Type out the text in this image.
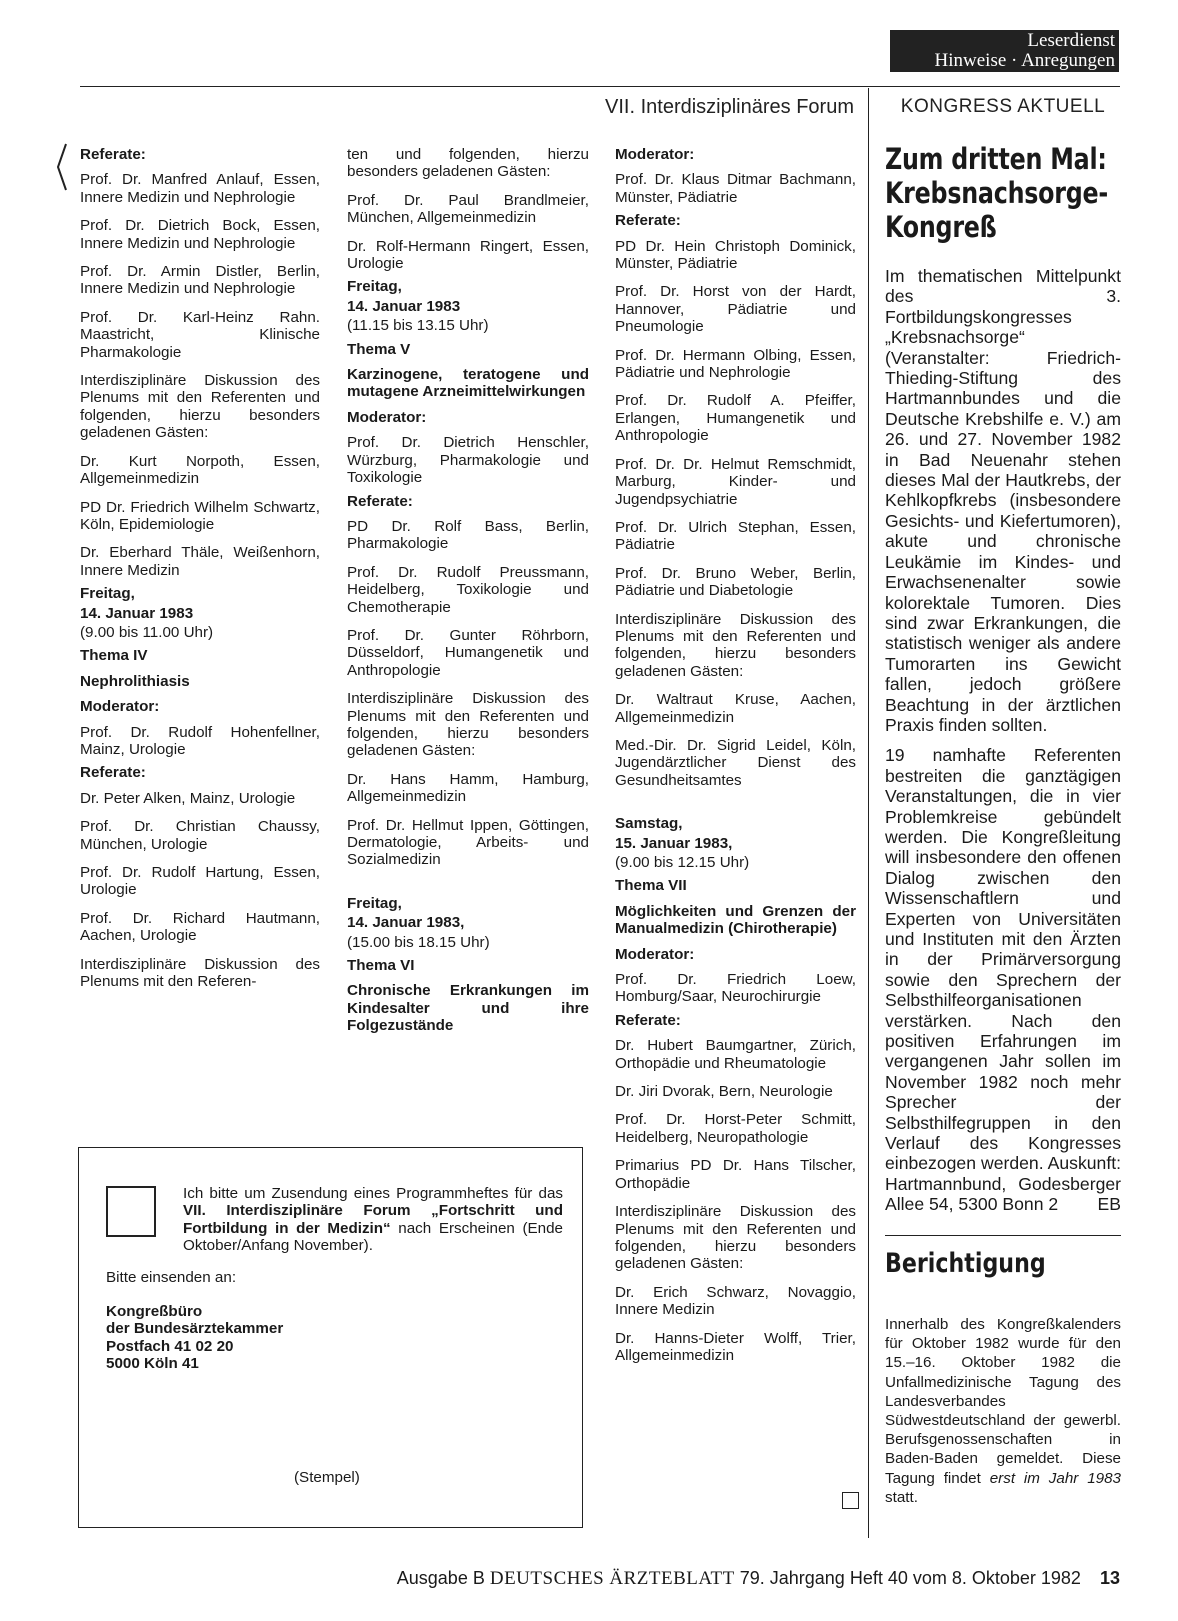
Leserdienst
Hinweise · Anregungen
VII. Interdisziplinäres Forum	KONGRESS AKTUELL

Referate:

Prof. Dr. Manfred Anlauf, Essen, Innere Medizin und Nephrologie

Prof. Dr. Dietrich Bock, Essen, Innere Medizin und Nephrologie

Prof. Dr. Armin Distler, Berlin, Innere Medizin und Nephrologie

Prof. Dr. Karl-Heinz Rahn. Maastricht, Klinische Pharmakologie

Interdisziplinäre Diskussion des Plenums mit den Referenten und folgenden, hierzu besonders geladenen Gästen:

Dr. Kurt Norpoth, Essen, Allgemeinmedizin

PD Dr. Friedrich Wilhelm Schwartz, Köln, Epidemiologie

Dr. Eberhard Thäle, Weißenhorn, Innere Medizin

Freitag,

14. Januar 1983

(9.00 bis 11.00 Uhr)

Thema IV

Nephrolithiasis

Moderator:

Prof. Dr. Rudolf Hohenfellner, Mainz, Urologie

Referate:

Dr. Peter Alken, Mainz, Urologie

Prof. Dr. Christian Chaussy, München, Urologie

Prof. Dr. Rudolf Hartung, Essen, Urologie

Prof. Dr. Richard Hautmann, Aachen, Urologie

Interdisziplinäre Diskussion des Plenums mit den Referen-

ten und folgenden, hierzu besonders geladenen Gästen:

Prof. Dr. Paul Brandlmeier, München, Allgemeinmedizin

Dr. Rolf-Hermann Ringert, Essen, Urologie

Freitag,

14. Januar 1983

(11.15 bis 13.15 Uhr)

Thema V

Karzinogene, teratogene und mutagene Arzneimittelwirkungen

Moderator:

Prof. Dr. Dietrich Henschler, Würzburg, Pharmakologie und Toxikologie

Referate:

PD Dr. Rolf Bass, Berlin, Pharmakologie

Prof. Dr. Rudolf Preussmann, Heidelberg, Toxikologie und Chemotherapie

Prof. Dr. Gunter Röhrborn, Düsseldorf, Humangenetik und Anthropologie

Interdisziplinäre Diskussion des Plenums mit den Referenten und folgenden, hierzu besonders geladenen Gästen:

Dr. Hans Hamm, Hamburg, Allgemeinmedizin

Prof. Dr. Hellmut Ippen, Göttingen, Dermatologie, Arbeits- und Sozialmedizin

Freitag,

14. Januar 1983,

(15.00 bis 18.15 Uhr)

Thema VI

Chronische Erkrankungen im Kindesalter und ihre Folgezustände

Moderator:

Prof. Dr. Klaus Ditmar Bachmann, Münster, Pädiatrie

Referate:

PD Dr. Hein Christoph Dominick, Münster, Pädiatrie

Prof. Dr. Horst von der Hardt, Hannover, Pädiatrie und Pneumologie

Prof. Dr. Hermann Olbing, Essen, Pädiatrie und Nephrologie

Prof. Dr. Rudolf A. Pfeiffer, Erlangen, Humangenetik und Anthropologie

Prof. Dr. Dr. Helmut Remschmidt, Marburg, Kinder- und Jugendpsychiatrie

Prof. Dr. Ulrich Stephan, Essen, Pädiatrie

Prof. Dr. Bruno Weber, Berlin, Pädiatrie und Diabetologie

Interdisziplinäre Diskussion des Plenums mit den Referenten und folgenden, hierzu besonders geladenen Gästen:

Dr. Waltraut Kruse, Aachen, Allgemeinmedizin

Med.-Dir. Dr. Sigrid Leidel, Köln, Jugendärztlicher Dienst des Gesundheitsamtes

Samstag,

15. Januar 1983,

(9.00 bis 12.15 Uhr)

Thema VII

Möglichkeiten und Grenzen der Manualmedizin (Chirotherapie)

Moderator:

Prof. Dr. Friedrich Loew, Homburg/Saar, Neurochirurgie

Referate:

Dr. Hubert Baumgartner, Zürich, Orthopädie und Rheumatologie

Dr. Jiri Dvorak, Bern, Neurologie

Prof. Dr. Horst-Peter Schmitt, Heidelberg, Neuropathologie

Primarius PD Dr. Hans Tilscher, Orthopädie

Interdisziplinäre Diskussion des Plenums mit den Referenten und folgenden, hierzu besonders geladenen Gästen:

Dr. Erich Schwarz, Novaggio, Innere Medizin

Dr. Hanns-Dieter Wolff, Trier, Allgemeinmedizin

Zum dritten Mal: Krebsnachsorge-Kongreß

Im thematischen Mittelpunkt des 3. Fortbildungskongresses „Krebsnachsorge“ (Veranstalter: Friedrich-Thieding-Stiftung des Hartmannbundes und die Deutsche Krebshilfe e. V.) am 26. und 27. November 1982 in Bad Neuenahr stehen dieses Mal der Hautkrebs, der Kehlkopfkrebs (insbesondere Gesichts- und Kiefertumoren), akute und chronische Leukämie im Kindes- und Erwachsenenalter sowie kolorektale Tumoren. Dies sind zwar Erkrankungen, die statistisch weniger als andere Tumorarten ins Gewicht fallen, jedoch größere Beachtung in der ärztlichen Praxis finden sollten.

19 namhafte Referenten bestreiten die ganztägigen Veranstaltungen, die in vier Problemkreise gebündelt werden. Die Kongreßleitung will insbesondere den offenen Dialog zwischen den Wissenschaftlern und Experten von Universitäten und Instituten mit den Ärzten in der Primärversorgung sowie den Sprechern der Selbsthilfeorganisationen verstärken. Nach den positiven Erfahrungen im vergangenen Jahr sollen im November 1982 noch mehr Sprecher der Selbsthilfegruppen in den Verlauf des Kongresses einbezogen werden. Auskunft: Hartmannbund, Godesberger Allee 54, 5300 Bonn 2 EB

Berichtigung
Innerhalb des Kongreßkalenders für Oktober 1982 wurde für den 15.–16. Oktober 1982 die Unfallmedizinische Tagung des Landesverbandes Südwestdeutschland der gewerbl. Berufsgenossenschaften in Baden-Baden gemeldet. Diese Tagung findet erst im Jahr 1983 statt.
Ich bitte um Zusendung eines Programmheftes für das VII. Interdisziplinäre Forum „Fortschritt und Fortbildung in der Medizin“ nach Erscheinen (Ende Oktober/Anfang November).
Bitte einsenden an:
Kongreßbüro
der Bundesärztekammer
Postfach 41 02 20
5000 Köln 41
(Stempel)
Ausgabe B DEUTSCHES ÄRZTEBLATT 79. Jahrgang Heft 40 vom 8. Oktober 1982 13
